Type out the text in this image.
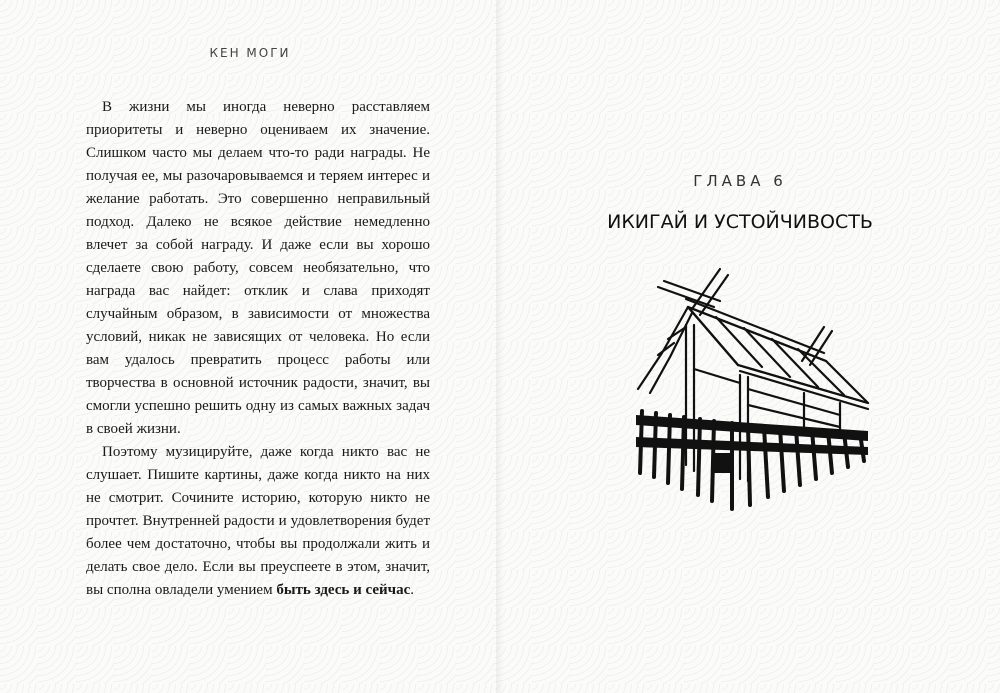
КЕН МОГИ

В жизни мы иногда неверно расставляем приоритеты и неверно оцениваем их значение. Слишком часто мы делаем что-то ради награды. Не получая ее, мы разочаровываемся и теряем интерес и желание работать. Это совершенно неправильный подход. Далеко не всякое действие немедленно влечет за собой награду. И даже если вы хорошо сделаете свою работу, совсем необязательно, что награда вас найдет: отклик и слава приходят случайным образом, в зависимости от множества условий, никак не зависящих от человека. Но если вам удалось превратить процесс работы или творчества в основной источник радости, значит, вы смогли успешно решить одну из самых важных задач в своей жизни.

Поэтому музицируйте, даже когда никто вас не слушает. Пишите картины, даже когда никто на них не смотрит. Сочините историю, которую никто не прочтет. Внутренней радости и удовлетворения будет более чем достаточно, чтобы вы продолжали жить и делать свое дело. Если вы преуспеете в этом, значит, вы сполна овладели умением быть здесь и сейчас.

ГЛАВА 6
ИКИГАЙ И УСТОЙЧИВОСТЬ
